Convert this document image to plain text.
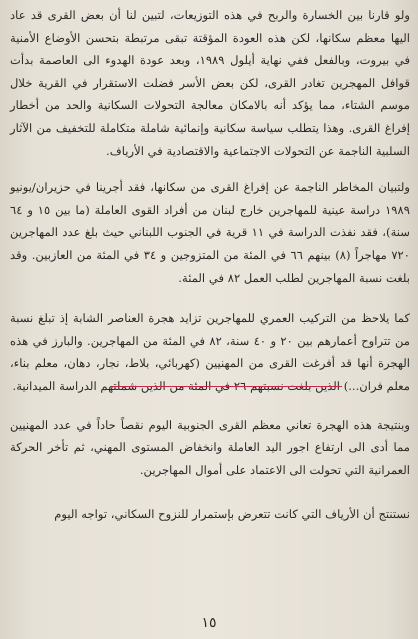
ولو قارنا بين الخسارة والربح في هذه التوزيعات، لتبين لنا أن بعض القرى قد عاد اليها معظم سكانها، لكن هذه العودة المؤقتة تبقى مرتبطة بتحسن الأوضاع الأمنية في بيروت، وبالفعل ففي نهاية أيلول ١٩٨٩، وبعد عودة الهدوء الى العاصمة بدأت قوافل المهجرين تغادر القرى، لكن بعض الأسر فضلت الاستقرار في القرية خلال موسم الشتاء، مما يؤكد أنه بالامكان معالجة التحولات السكانية والحد من أخطار إفراغ القرى. وهذا يتطلب سياسة سكانية وإنمائية شاملة متكاملة للتخفيف من الآثار السلبية الناجمة عن التحولات الاجتماعية والاقتصادية في الأرياف.

ولتبيان المخاطر الناجمة عن إفراغ القرى من سكانها، فقد أجرينا في حزيران/يونيو ١٩٨٩ دراسة عينية للمهاجرين خارج لبنان من أفراد القوى العاملة (ما بين ١٥ و ٦٤ سنة)، فقد نفذت الدراسة في ١١ قرية في الجنوب اللبناني حيث بلغ عدد المهاجرين ٧٢٠ مهاجراً (٨) بينهم ٦٦ في المئة من المتزوجين و ٣٤ في المئة من العازبين. وقد بلغت نسبة المهاجرين لطلب العمل ٨٢ في المئة.

كما يلاحظ من التركيب العمري للمهاجرين تزايد هجرة العناصر الشابة إذ تبلغ نسبة من تتراوح أعمارهم بين ٢٠ و ٤٠ سنة، ٨٢ في المئة من المهاجرين. والبارز في هذه الهجرة أنها قد أفرغت القرى من المهنيين (كهربائي، بلاط، نجار، دهان، معلم بناء، معلم فران...) الذين بلغت نسبتهم ٢٦ في المئة من الذين شملتهم الدراسة الميدانية.

وبنتيجة هذه الهجرة تعاني معظم القرى الجنوبية اليوم نقصاً حاداً في عدد المهنيين مما أدى الى ارتفاع اجور اليد العاملة وانخفاض المستوى المهني، ثم تأخر الحركة العمرانية التي تحولت الى الاعتماد على أموال المهاجرين.

نستنتج أن الأرياف التي كانت تتعرض بإستمرار للنزوح السكاني، تواجه اليوم

١٥
